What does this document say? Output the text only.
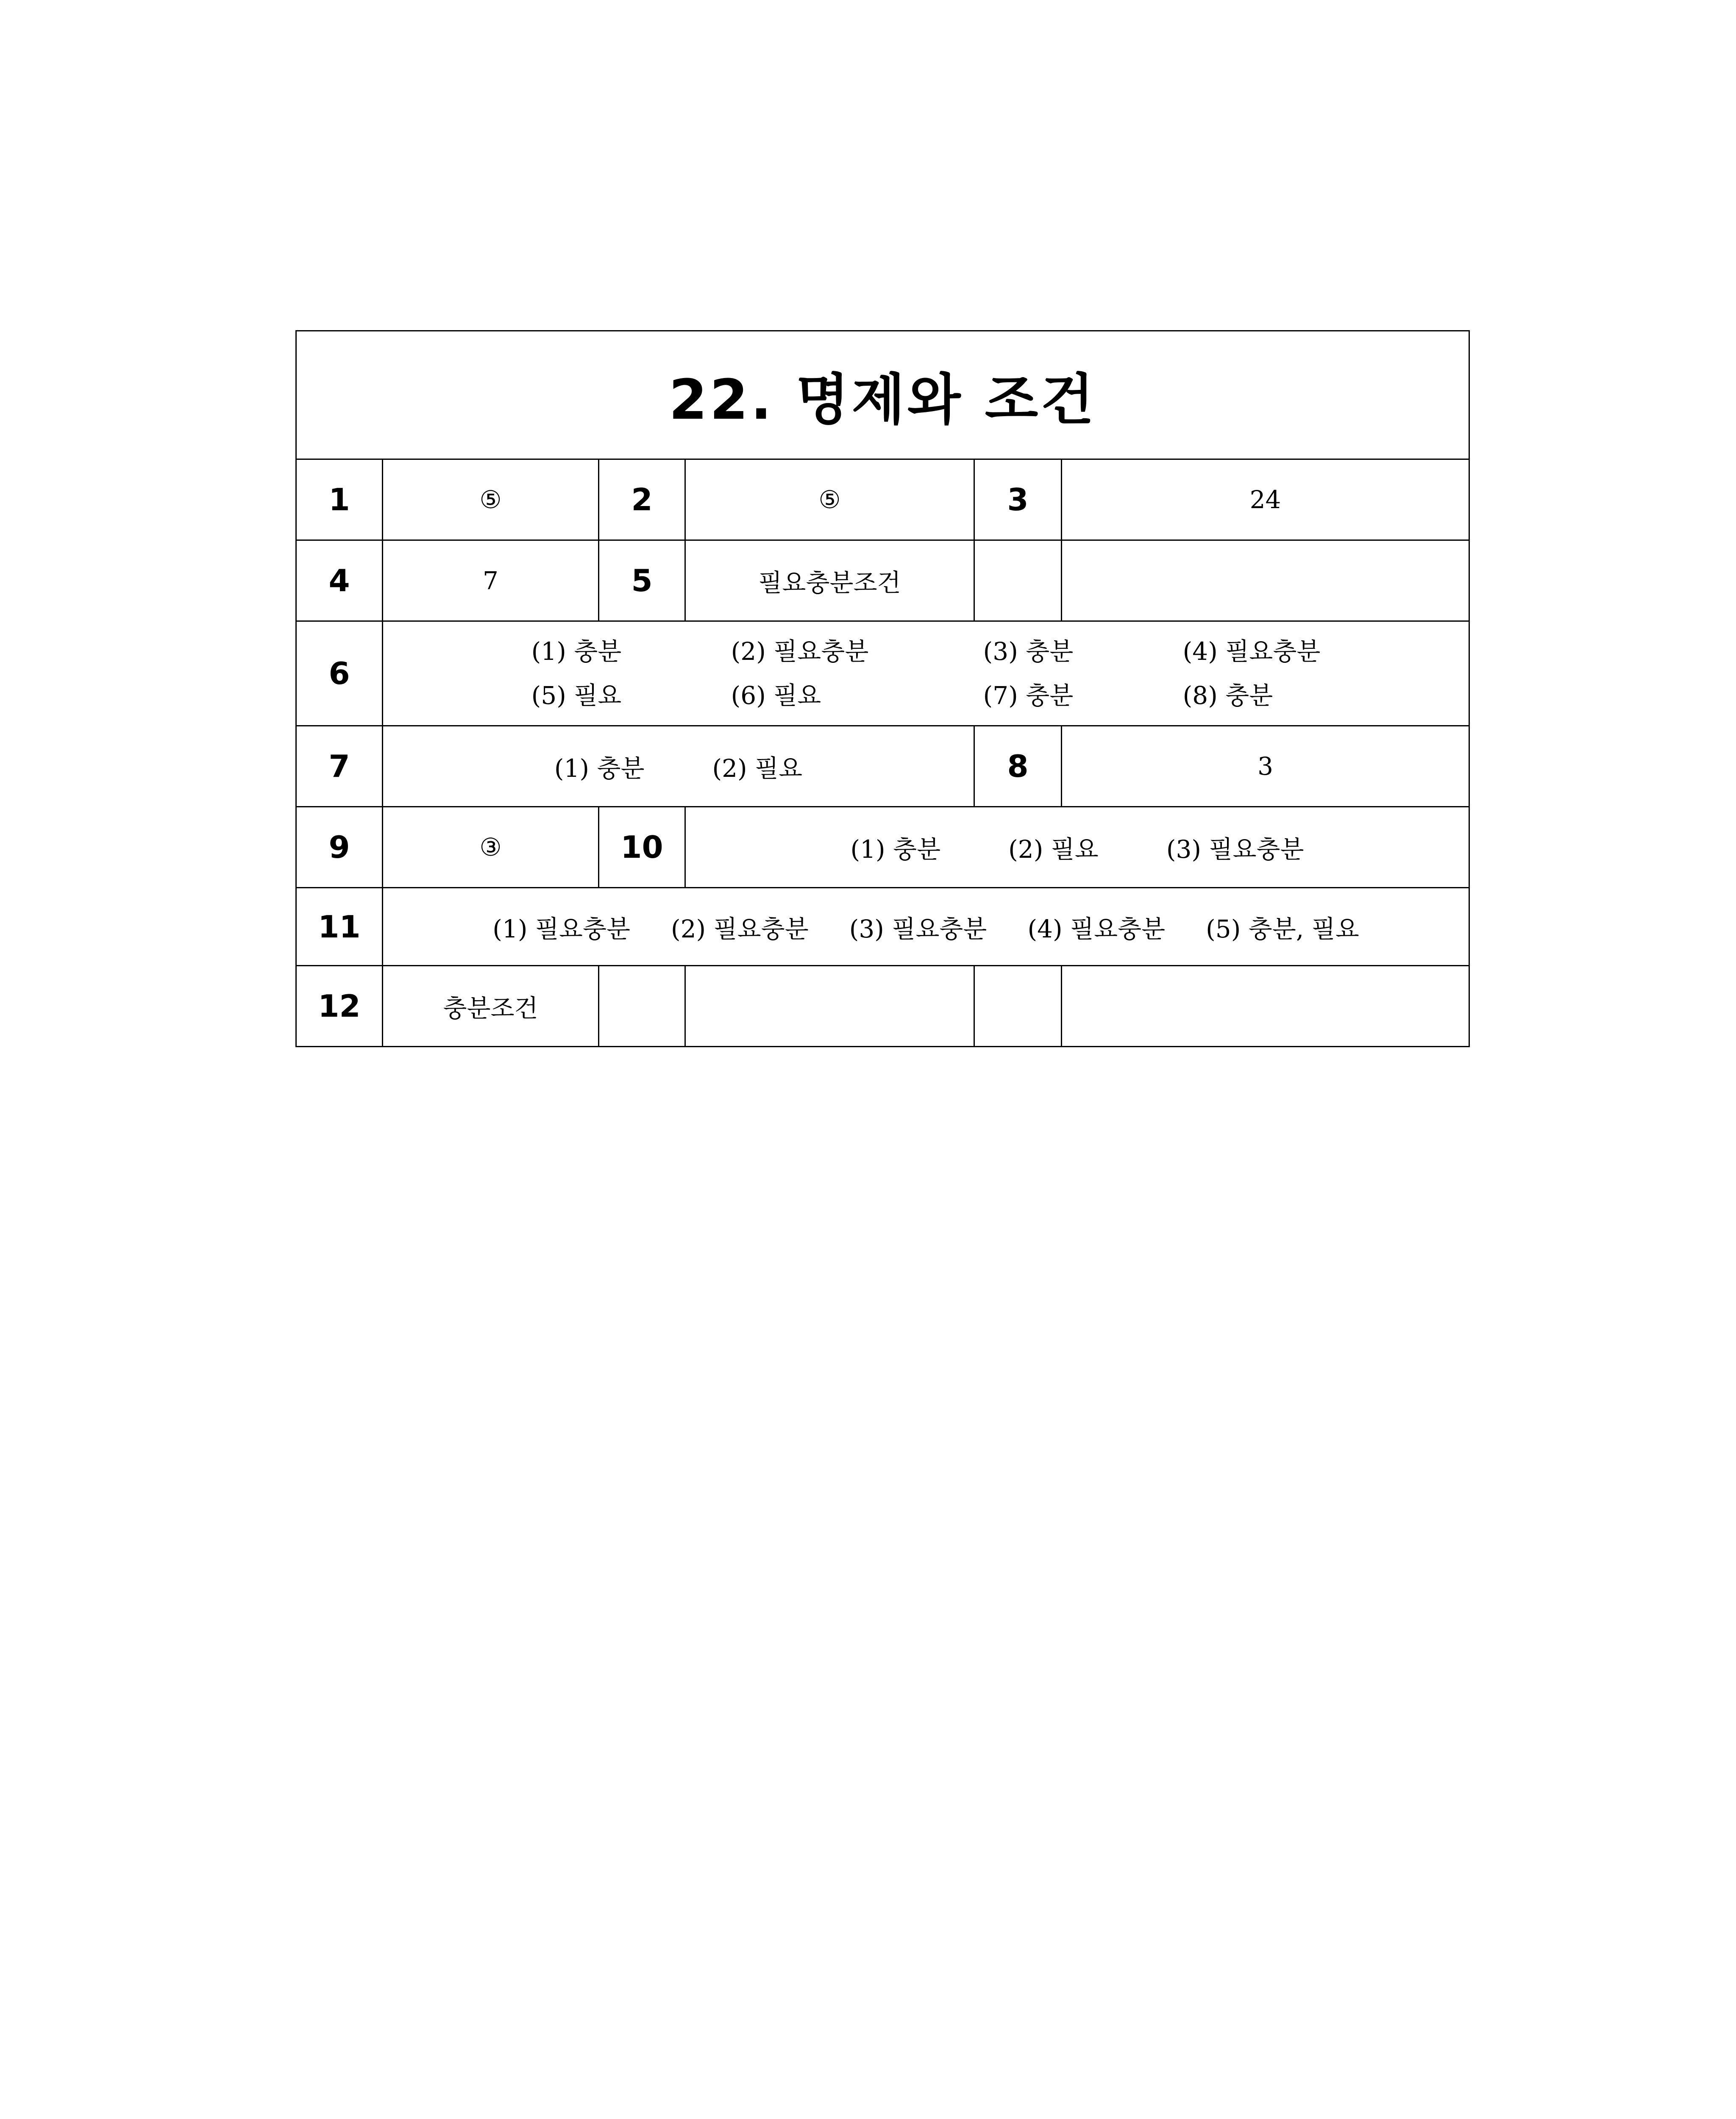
22. 명제와 조건					
1	⑤	2	⑤	3	24
4	7	5	필요충분조건		
6	(1) 충분 (2) 필요충분 (3) 충분 (4) 필요충분
(5) 필요 (6) 필요 (7) 충분 (8) 충분				

7	(1) 충분 (2) 필요			8	3
9	③	10	(1) 충분 (2) 필요 (3) 필요충분		
11	(1) 필요충분 (2) 필요충분 (3) 필요충분 (4) 필요충분 (5) 충분, 필요				
12	충분조건				
